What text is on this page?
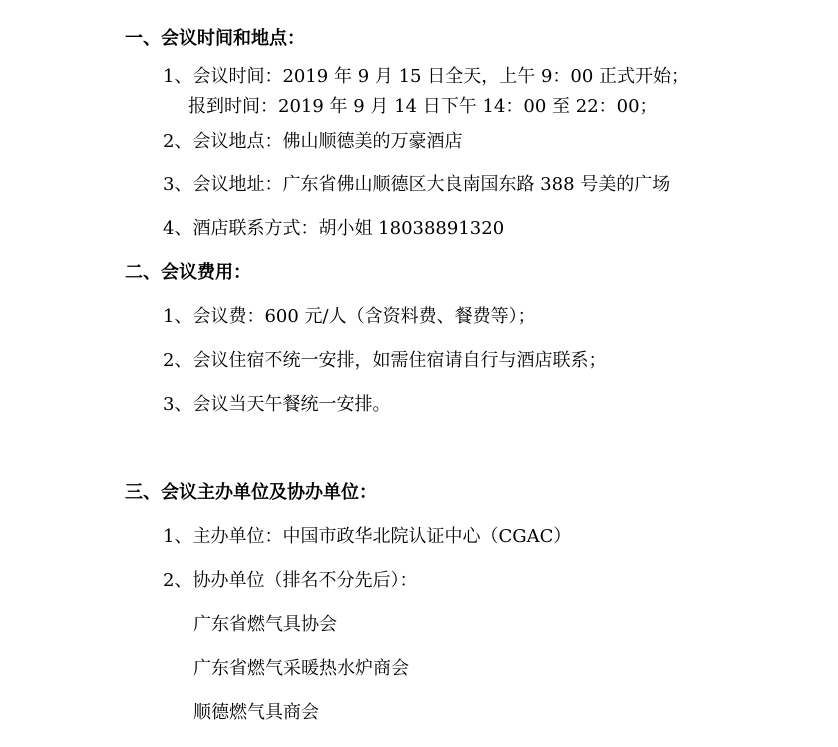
一、会议时间和地点：
1、会议时间：2019 年 9 月 15 日全天，上午 9：00 正式开始；
报到时间：2019 年 9 月 14 日下午 14：00 至 22：00；
2、会议地点：佛山顺德美的万豪酒店
3、会议地址：广东省佛山顺德区大良南国东路 388 号美的广场
4、酒店联系方式：胡小姐 18038891320
二、会议费用：
1、会议费：600 元/人（含资料费、餐费等）；
2、会议住宿不统一安排，如需住宿请自行与酒店联系；
3、会议当天午餐统一安排。
三、会议主办单位及协办单位：
1、主办单位：中国市政华北院认证中心（CGAC）
2、协办单位（排名不分先后）：
广东省燃气具协会
广东省燃气采暖热水炉商会
顺德燃气具商会
